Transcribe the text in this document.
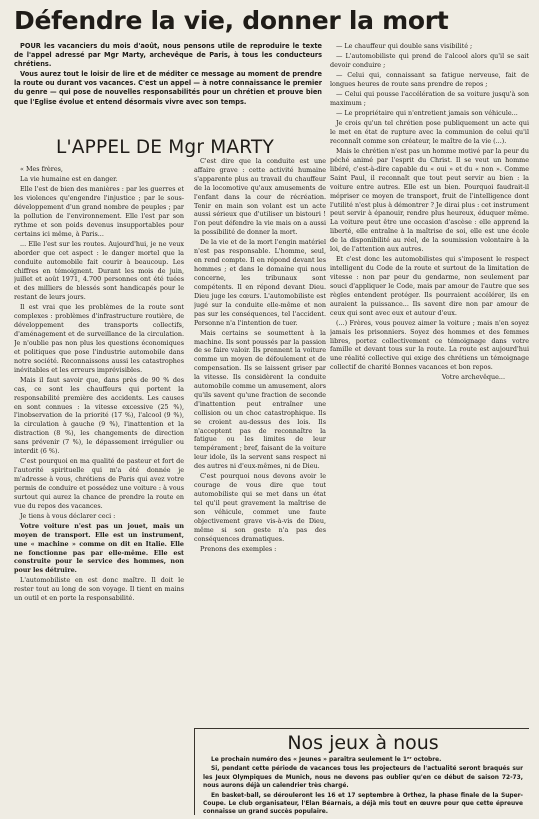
Défendre la vie, donner la mort

POUR les vacanciers du mois d'août, nous pensons utile de reproduire le texte de l'appel adressé par Mgr Marty, archevêque de Paris, à tous les conducteurs chrétiens.

Vous aurez tout le loisir de lire et de méditer ce message au moment de prendre la route ou durant vos vacances. C'est un appel — à notre connaissance le premier du genre — qui pose de nouvelles responsabilités pour un chrétien et prouve bien que l'Eglise évolue et entend désormais vivre avec son temps.

— Le chauffeur qui double sans visibilité ;

— L'automobiliste qui prend de l'alcool alors qu'il se sait devoir conduire ;

— Celui qui, connaissant sa fatigue nerveuse, fait de longues heures de route sans prendre de repos ;

— Celui qui pousse l'accélération de sa voiture jusqu'à son maximum ;

— Le propriétaire qui n'entretient jamais son véhicule...

Je crois qu'un tel chrétien pose publiquement un acte qui le met en état de rupture avec la communion de celui qu'il reconnaît comme son créateur, le maître de la vie (...).

Mais le chrétien n'est pas un homme motivé par la peur du péché animé par l'esprit du Christ. Il se veut un homme libéré, c'est-à-dire capable du « oui » et du « non ». Comme Saint Paul, il reconnaît que tout peut servir au bien : la voiture entre autres. Elle est un bien. Pourquoi faudrait-il mépriser ce moyen de transport, fruit de l'intelligence dont l'utilité n'est plus à démontrer ? Je dirai plus : cet instrument peut servir à épanouir, rendre plus heureux, éduquer même. La voiture peut être une occasion d'ascèse : elle apprend la liberté, elle entraîne à la maîtrise de soi, elle est une école de la disponibilité au réel, de la soumission volontaire à la loi, de l'attention aux autres.

Et c'est donc les automobilistes qui s'imposent le respect intelligent du Code de la route et surtout de la limitation de vitesse : non par peur du gendarme, non seulement par souci d'appliquer le Code, mais par amour de l'autre que ses règles entendent protéger. Ils pourraient accélérer, ils en auraient la puissance... Ils savent dire non par amour de ceux qui sont avec eux et autour d'eux.

(...) Frères, vous pouvez aimer la voiture ; mais n'en soyez jamais les prisonniers. Soyez des hommes et des femmes libres, portez collectivement ce témoignage dans votre famille et devant tous sur la route. La route est aujourd'hui une réalité collective qui exige des chrétiens un témoignage collectif de charité Bonnes vacances et bon repos.

Votre archevêque...

L'APPEL DE Mgr MARTY

« Mes frères,

La vie humaine est en danger.

Elle l'est de bien des manières : par les guerres et les violences qu'engendre l'injustice ; par le sous-développement d'un grand nombre de peuples ; par la pollution de l'environnement. Elle l'est par son rythme et son poids devenus insupportables pour certains ici même, à Paris...

... Elle l'est sur les routes. Aujourd'hui, je ne veux aborder que cet aspect : le danger mortel que la conduite automobile fait courir à beaucoup. Les chiffres en témoignent. Durant les mois de juin, juillet et août 1971, 4.700 personnes ont été tuées et des milliers de blessés sont handicapés pour le restant de leurs jours.

Il est vrai que les problèmes de la route sont complexes : problèmes d'infrastructure routière, de développement des transports collectifs, d'aménagement et de surveillance de la circulation. Je n'oublie pas non plus les questions économiques et politiques que pose l'industrie automobile dans notre société. Reconnaissons aussi les catastrophes inévitables et les erreurs imprévisibles.

Mais il faut savoir que, dans près de 90 % des cas, ce sont les chauffeurs qui portent la responsabilité première des accidents. Les causes en sont connues : la vitesse excessive (25 %), l'inobservation de la priorité (17 %), l'alcool (9 %), la circulation à gauche (9 %), l'inattention et la distraction (8 %), les changements de direction sans prévenir (7 %), le dépassement irrégulier ou interdit (6 %).

C'est pourquoi en ma qualité de pasteur et fort de l'autorité spirituelle qui m'a été donnée je m'adresse à vous, chrétiens de Paris qui avez votre permis de conduire et possédez une voiture : à vous surtout qui aurez la chance de prendre la route en vue du repos des vacances.

Je tiens à vous déclarer ceci :

Votre voiture n'est pas un jouet, mais un moyen de transport. Elle est un instrument, une « machine » comme on dit en Italie. Elle ne fonctionne pas par elle-même. Elle est construite pour le service des hommes, non pour les détruire.

L'automobiliste en est donc maître. Il doit le rester tout au long de son voyage. Il tient en mains un outil et en porte la responsabilité.

C'est dire que la conduite est une affaire grave : cette activité humaine s'apparente plus au travail du chauffeur de la locomotive qu'aux amusements de l'enfant dans la cour de récréation. Tenir en main son volant est un acte aussi sérieux que d'utiliser un bistouri ! l'on peut défendre la vie mais on a aussi la possibilité de donner la mort.

De la vie et de la mort l'engin matériel n'est pas responsable. L'homme, seul, en rend compte. Il en répond devant les hommes ; et dans le domaine qui nous concerne, les tribunaux sont compétents. Il en répond devant Dieu. Dieu juge les cœurs. L'automobiliste est jugé sur la conduite elle-même et non pas sur les conséquences, tel l'accident. Personne n'a l'intention de tuer.

Mais certains se soumettent à la machine. Ils sont poussés par la passion de se faire valoir. Ils prennent la voiture comme un moyen de défoulement et de compensation. Ils se laissent griser par la vitesse. Ils considèrent la conduite automobile comme un amusement, alors qu'ils savent qu'une fraction de seconde d'inattention peut entraîner une collision ou un choc catastrophique. Ils se croient au-dessus des lois. Ils n'acceptent pas de reconnaître la fatigue ou les limites de leur tempérament ; bref, faisant de la voiture leur idole, ils la servent sans respect ni des autres ni d'eux-mêmes, ni de Dieu.

C'est pourquoi nous devons avoir le courage de vous dire que tout automobiliste qui se met dans un état tel qu'il peut gravement la maîtrise de son véhicule, commet une faute objectivement grave vis-à-vis de Dieu, même si son geste n'a pas des conséquences dramatiques.

Prenons des exemples :

Nos jeux à nous

Le prochain numéro des « Jeunes » paraîtra seulement le 1ᵉʳ octobre.

Si, pendant cette période de vacances tous les projecteurs de l'actualité seront braqués sur les Jeux Olympiques de Munich, nous ne devons pas oublier qu'en ce début de saison 72-73, nous aurons déjà un calendrier très chargé.

En basket-ball, se dérouleront les 16 et 17 septembre à Orthez, la phase finale de la Super-Coupe. Le club organisateur, l'Elan Béarnais, a déjà mis tout en œuvre pour que cette épreuve connaisse un grand succès populaire.
